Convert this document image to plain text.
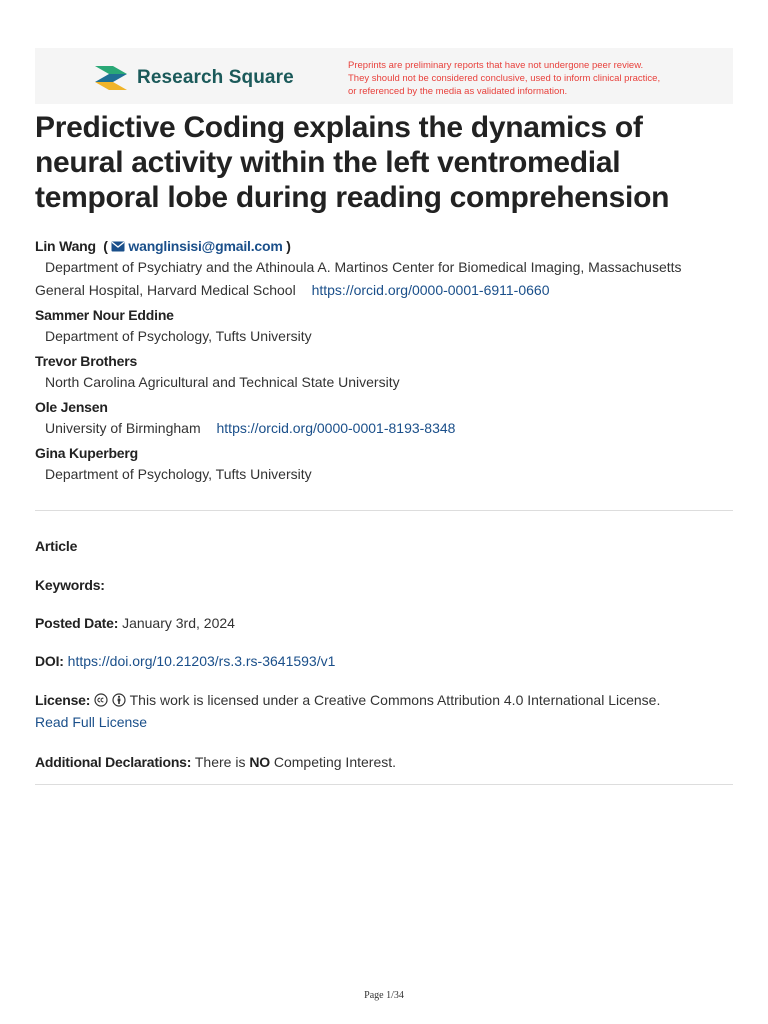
Research Square
Preprints are preliminary reports that have not undergone peer review.
They should not be considered conclusive, used to inform clinical practice,
or referenced by the media as validated information.
Predictive Coding explains the dynamics of neural activity within the left ventromedial temporal lobe during reading comprehension
Lin Wang  ( wanglinsisi@gmail.com )
Department of Psychiatry and the Athinoula A. Martinos Center for Biomedical Imaging, Massachusetts General Hospital, Harvard Medical School https://orcid.org/0000-0001-6911-0660
Sammer Nour Eddine
Department of Psychology, Tufts University
Trevor Brothers
North Carolina Agricultural and Technical State University
Ole Jensen
University of Birmingham https://orcid.org/0000-0001-8193-8348
Gina Kuperberg
Department of Psychology, Tufts University
Article
Keywords:
Posted Date: January 3rd, 2024
DOI: https://doi.org/10.21203/rs.3.rs-3641593/v1
License:	This work is licensed under a Creative Commons Attribution 4.0 International License.
Read Full License
Additional Declarations: There is NO Competing Interest.
Page 1/34
